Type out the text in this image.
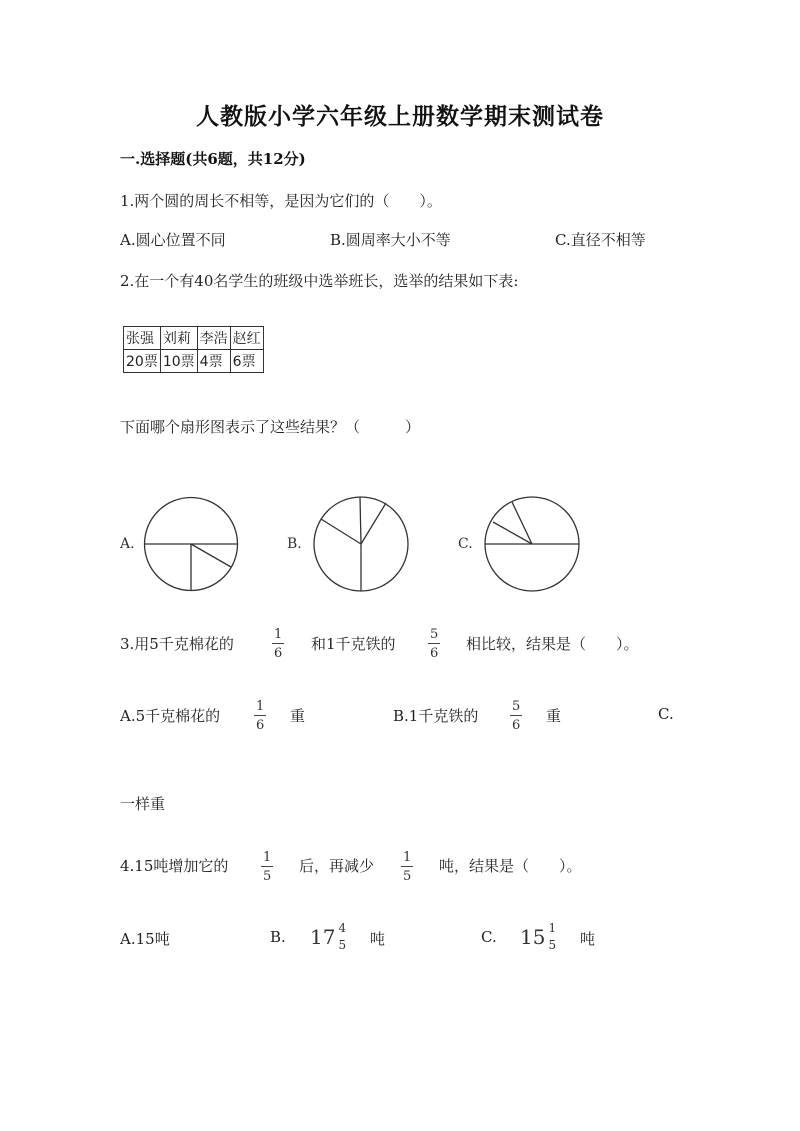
人教版小学六年级上册数学期末测试卷
一.选择题(共6题，共12分)
1.两个圆的周长不相等，是因为它们的（　　）。
A.圆心位置不同	B.圆周率大小不等	C.直径不相等
2.在一个有40名学生的班级中选举班长，选举的结果如下表:
张强	刘莉	李浩	赵红
20票	10票	4票	6票
下面哪个扇形图表示了这些结果？（　　　）
A.	B.	C.
3.用5千克棉花的
1
6
和1千克铁的
5
6
相比较，结果是（　　）。
A.5千克棉花的
1
6
重	B.1千克铁的
5
6
重	C.
一样重
4.15吨增加它的	1
5
后，再减少 1
5
吨，结果是（　　）。
A.15吨	B. 17 4
5 吨	C. 15 1
5 吨
